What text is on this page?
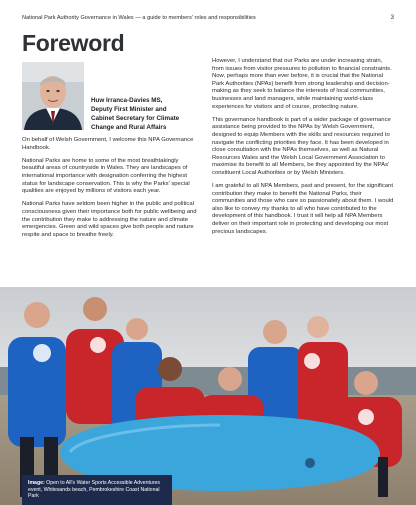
National Park Authority Governance in Wales — a guide to members' roles and responsibilities	3
Foreword
Huw Irranca-Davies MS,
Deputy First Minister and
Cabinet Secretary for Climate
Change and Rural Affairs

On behalf of Welsh Government, I welcome this NPA Governance Handbook.

National Parks are home to some of the most breathtakingly beautiful areas of countryside in Wales. They are landscapes of international importance with designation conferring the highest status for landscape conservation. This is why the Parks' special qualities are enjoyed by millions of visitors each year.

National Parks have seldom been higher in the public and political consciousness given their importance both for public wellbeing and the contribution they make to addressing the nature and climate emergencies. Green and wild spaces give both people and nature respite and space to breathe freely.

However, I understand that our Parks are under increasing strain, from issues from visitor pressures to pollution to financial constraints. Now, perhaps more than ever before, it is crucial that the National Park Authorities (NPAs) benefit from strong leadership and decision-making as they seek to balance the interests of local communities, businesses and land managers, while maintaining world-class experiences for visitors and of course, protecting nature.

This governance handbook is part of a wider package of governance assistance being provided to the NPAs by Welsh Government, designed to equip Members with the skills and resources required to navigate the conflicting priorities they face. It has been developed in close consultation with the NPAs themselves, as well as Natural Resources Wales and the Welsh Local Government Association to maximise its benefit to all Members, be they appointed by the NPAs' constituent Local Authorities or by Welsh Ministers.

I am grateful to all NPA Members, past and present, for the significant contribution they make to benefit the National Parks, their communities and those who care so passionately about them. I would also like to convey my thanks to all who have contributed to the development of this handbook. I trust it will help all NPA Members deliver on their important role in protecting and developing our most precious landscapes.

Image: Open to All's Water Sports Accessible Adventures event, Whitesands beach, Pembrokeshire Coast National Park
